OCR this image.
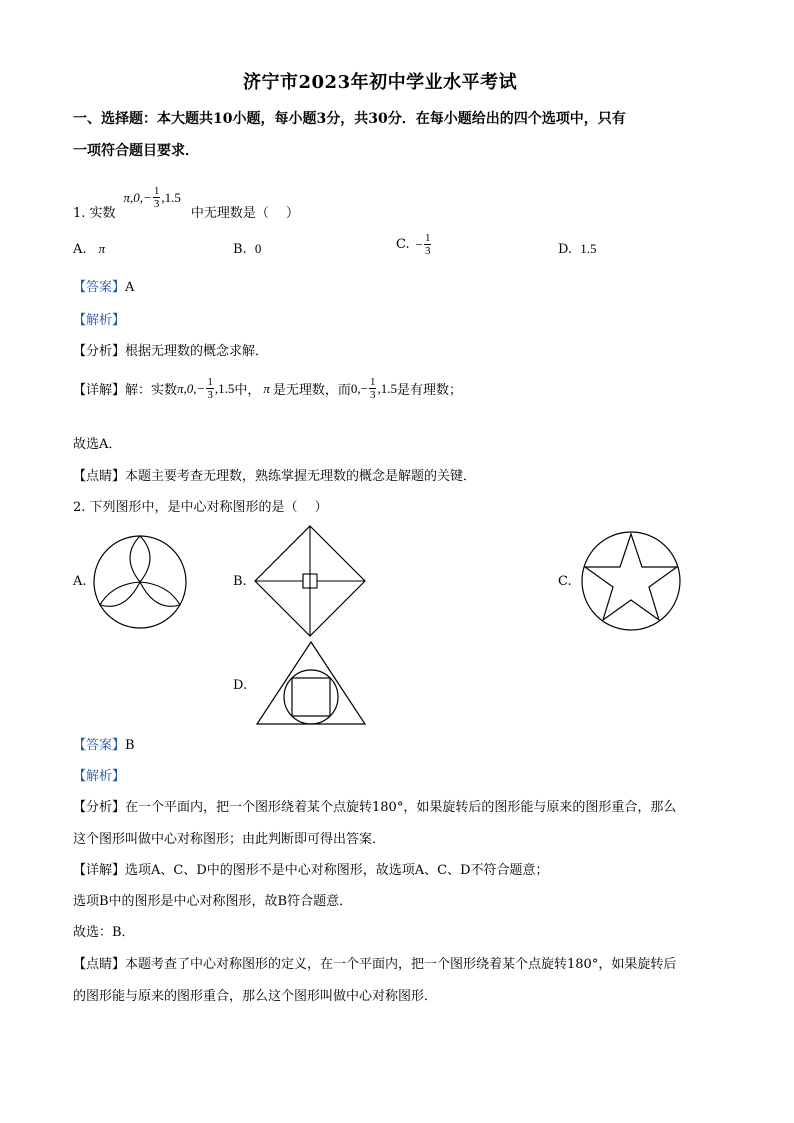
济宁市2023年初中学业水平考试
一、选择题：本大题共10小题，每小题3分，共30分．在每小题给出的四个选项中，只有
一项符合题目要求．
1. 实数
$\pi,0,- \frac{1}{3} ,1.5$
中无理数是（　 ）
A. π	B. 0	C. − $\frac{1}{3}$	D. 1.5
【答案】A
【解析】
【分析】根据无理数的概念求解．
【详解】 解：实数 $\pi,0,- \frac{1}{3} ,1.5$ 中， π 是无理数，而 $0,- \frac{1}{3} ,1.5$ 是有理数；
故选A．
【点睛】本题主要考查无理数，熟练掌握无理数的概念是解题的关键．
2. 下列图形中，是中心对称图形的是（　 ）
A.	B.	C.
D.
【答案】B
【解析】
【分析】在一个平面内，把一个图形绕着某个点旋转180°，如果旋转后的图形能与原来的图形重合，那么
这个图形叫做中心对称图形；由此判断即可得出答案．
【详解】选项A、C、D中的图形不是中心对称图形，故选项A、C、D不符合题意；
选项B中的图形是中心对称图形，故B符合题意．
故选：B．
【点睛】本题考查了中心对称图形的定义，在一个平面内，把一个图形绕着某个点旋转180°，如果旋转后
的图形能与原来的图形重合，那么这个图形叫做中心对称图形．
